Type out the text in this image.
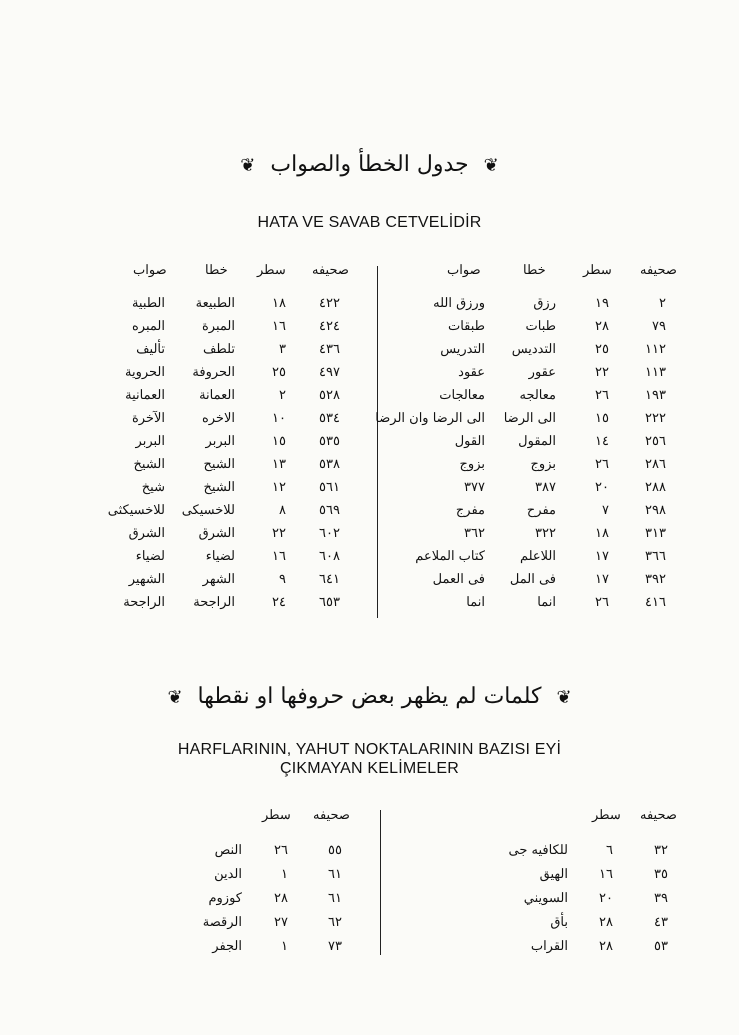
❦ جدول الخطأ والصواب ❦
HATA VE SAVAB CETVELİDİR
صحيفه
سطر
خطا
صواب
صحيفه
سطر
خطا
صواب
٢
١٩
رزق
ورزق الله
٧٩
٢٨
طبات
طبقات
١١٢
٢٥
التدديس
التدريس
١١٣
٢٢
عقور
عقود
١٩٣
٢٦
معالجه
معالجات
٢٢٢
١٥
الى الرضا
الى الرضا وان الرضا
٢٥٦
١٤
المقول
القول
٢٨٦
٢٦
بزوج
بزوج
٢٨٨
٢٠
٣٨٧
٣٧٧
٢٩٨
٧
مفرح
مفرج
٣١٣
١٨
٣٢٢
٣٦٢
٣٦٦
١٧
اللاعلم
كتاب الملاعم
٣٩٢
١٧
فى المل
فى العمل
٤١٦
٢٦
انما
انما
٤٢٢
١٨
الطبيعة
الطبية
٤٢٤
١٦
المبرة
المبره
٤٣٦
٣
تلطف
تأليف
٤٩٧
٢٥
الحروفة
الحروية
٥٢٨
٢
العمانة
العمانية
٥٣٤
١٠
الاخره
الآخرة
٥٣٥
١٥
البربر
البربر
٥٣٨
١٣
الشيح
الشيخ
٥٦١
١٢
الشيخ
شيخ
٥٦٩
٨
للاخسيكى
للاخسيكثى
٦٠٢
٢٢
الشرق
الشرق
٦٠٨
١٦
لضياء
لضياء
٦٤١
٩
الشهر
الشهير
٦٥٣
٢٤
الراجحة
الراجحة
❦ كلمات لم يظهر بعض حروفها او نقطها ❦
HARFLARININ, YAHUT NOKTALARININ BAZISI EYİ
ÇIKMAYAN KELİMELER
صحيفه
سطر
صحيفه
سطر
٣٢
٦
للكافيه جى
٣٥
١٦
الهيق
٣٩
٢٠
السويني
٤٣
٢٨
بأق
٥٣
٢٨
القراب
٥٥
٢٦
النص
٦١
١
الدين
٦١
٢٨
كوزوم
٦٢
٢٧
الرقصة
٧٣
١
الجفر
